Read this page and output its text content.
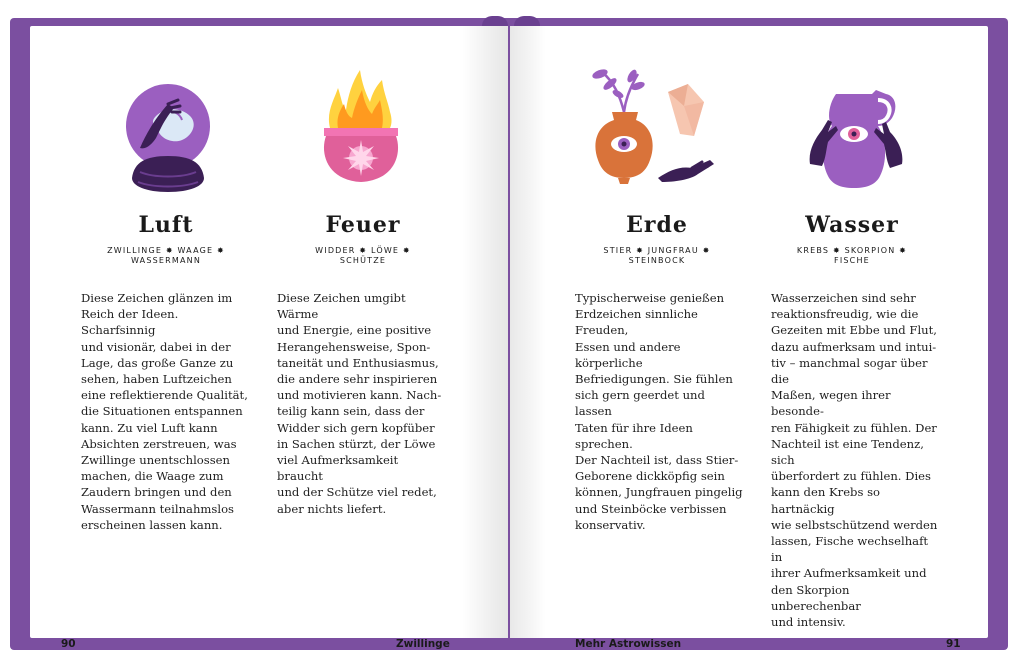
Luft
ZWILLINGE ✸ WAAGE ✸
WASSERMANN
Diese Zeichen glänzen im
Reich der Ideen. Scharfsinnig
und visionär, dabei in der
Lage, das große Ganze zu
sehen, haben Luftzeichen
eine reflektierende Qualität,
die Situationen entspannen
kann. Zu viel Luft kann
Absichten zerstreuen, was
Zwillinge unentschlossen
machen, die Waage zum
Zaudern bringen und den
Wassermann teilnahmslos
erscheinen lassen kann.
Feuer
WIDDER ✸ LÖWE ✸
SCHÜTZE
Diese Zeichen umgibt Wärme
und Energie, eine positive
Herangehensweise, Spon-
taneität und Enthusiasmus,
die andere sehr inspirieren
und motivieren kann. Nach-
teilig kann sein, dass der
Widder sich gern kopfüber
in Sachen stürzt, der Löwe
viel Aufmerksamkeit braucht
und der Schütze viel redet,
aber nichts liefert.
90	Zwillinge
Erde
STIER ✸ JUNGFRAU ✸
STEINBOCK
Typischerweise genießen
Erdzeichen sinnliche Freuden,
Essen und andere körperliche
Befriedigungen. Sie fühlen
sich gern geerdet und lassen
Taten für ihre Ideen sprechen.
Der Nachteil ist, dass Stier-
Geborene dickköpfig sein
können, Jungfrauen pingelig
und Steinböcke verbissen
konservativ.
Wasser
KREBS ✸ SKORPION ✸
FISCHE
Wasserzeichen sind sehr
reaktionsfreudig, wie die
Gezeiten mit Ebbe und Flut,
dazu aufmerksam und intui-
tiv – manchmal sogar über die
Maßen, wegen ihrer besonde-
ren Fähigkeit zu fühlen. Der
Nachteil ist eine Tendenz, sich
überfordert zu fühlen. Dies
kann den Krebs so hartnäckig
wie selbstschützend werden
lassen, Fische wechselhaft in
ihrer Aufmerksamkeit und
den Skorpion unberechenbar
und intensiv.
Mehr Astrowissen	91
